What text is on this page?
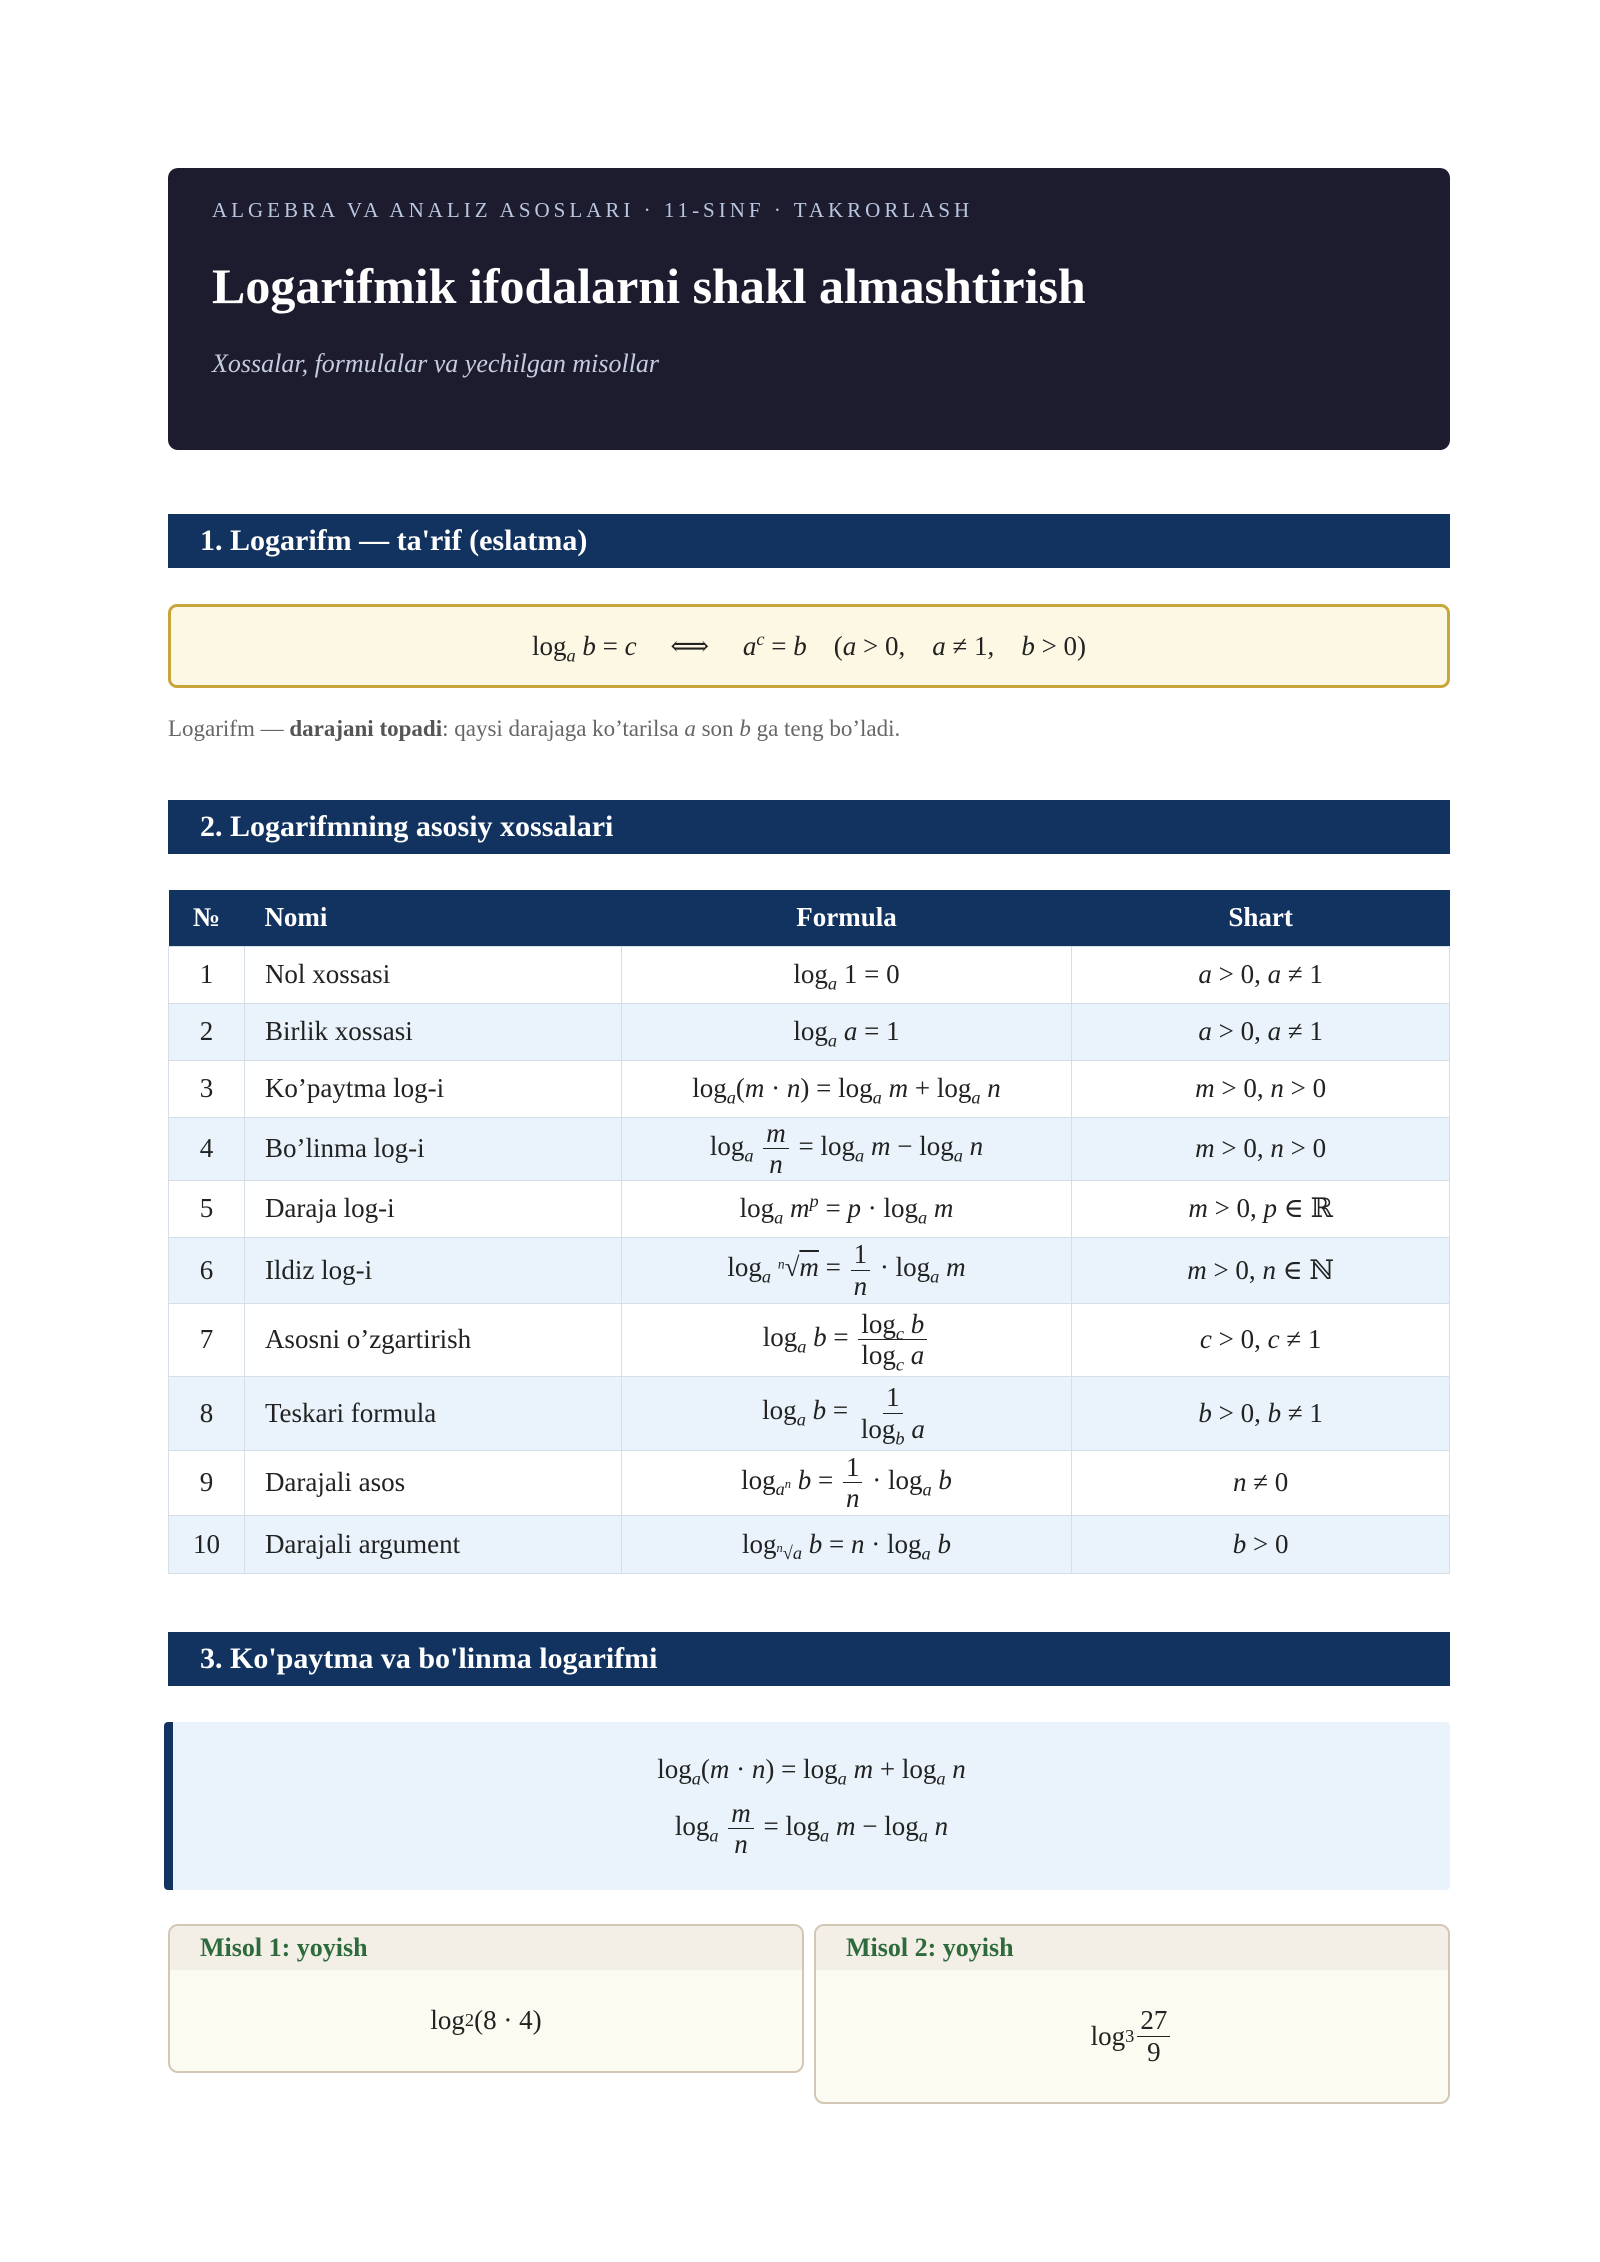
ALGEBRA VA ANALIZ ASOSLARI · 11-SINF · TAKRORLASH
Logarifmik ifodalarni shakl almashtirish
Xossalar, formulalar va yechilgan misollar
1. Logarifm — ta'rif (eslatma)
$\log_a b = c$     ⟺     $a^c = b$    (a > 0,    a ≠ 1,    b > 0)
Logarifm — darajani topadi: qaysi darajaga ko’tarilsa a son b ga teng bo’ladi.
2. Logarifmning asosiy xossalari
№	Nomi	Formula	Shart
1	Nol xossasi	$\log_a 1 = 0$	a > 0, a ≠ 1
2	Birlik xossasi	$\log_a a = 1$	a > 0, a ≠ 1
3	Ko’paytma log-i	$\log_a(m \cdot n) = \log_a m + \log_a n$	m > 0, n > 0
4	Bo’linma log-i	$\log_a \frac{m}{n} = \log_a m - \log_a n$	m > 0, n > 0
5	Daraja log-i	$\log_a m^p = p \cdot \log_a m$	m > 0, p ∈ ℝ
6	Ildiz log-i	$\log_a ^n√m = \frac{1}{n} \cdot \log_a m$	m > 0, n ∈ ℕ
7	Asosni o’zgartirish	$\log_a b = \frac{\log_c b}{\log_c a}$	c > 0, c ≠ 1
8	Teskari formula	$\log_a b = \frac{1}{\log_b a}$	b > 0, b ≠ 1
9	Darajali asos	$\log_{a^n} b = \frac{1}{n} \cdot \log_a b$	n ≠ 0
10	Darajali argument	$\log_{^n√a} b = n \cdot \log_a b$	b > 0
3. Ko'paytma va bo'linma logarifmi
$\log_a(m \cdot n) = \log_a m + \log_a n$
$\log_a \frac{m}{n} = \log_a m - \log_a n$
Misol 1: yoyish
log 2 (8 · 4)
Misol 2: yoyish
$\log 3 \frac{27}{9}$
